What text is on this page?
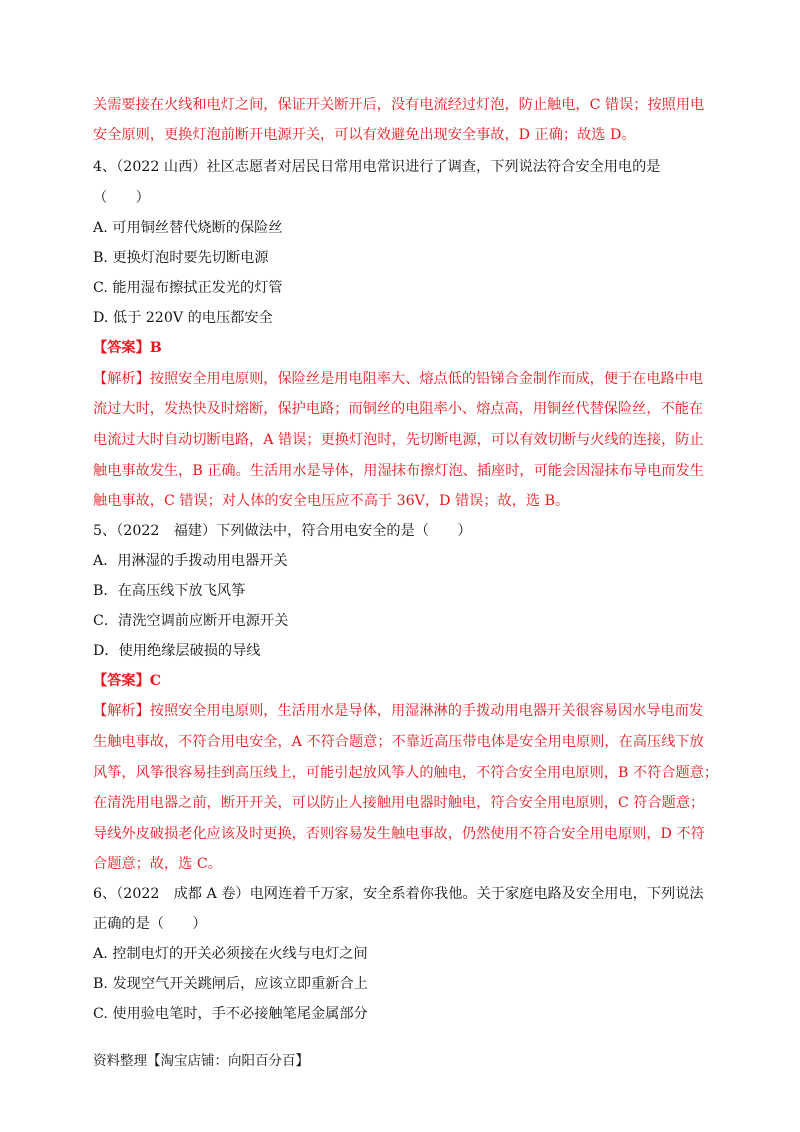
关需要接在火线和电灯之间，保证开关断开后，没有电流经过灯泡，防止触电，C 错误；按照用电
安全原则，更换灯泡前断开电源开关，可以有效避免出现安全事故，D 正确；故选 D。
4、（2022 山西）社区志愿者对居民日常用电常识进行了调查，下列说法符合安全用电的是
（　　）
A. 可用铜丝替代烧断的保险丝
B. 更换灯泡时要先切断电源
C. 能用湿布擦拭正发光的灯管
D. 低于 220V 的电压都安全
【答案】B
【解析】按照安全用电原则，保险丝是用电阻率大、熔点低的铅锑合金制作而成，便于在电路中电
流过大时，发热快及时熔断，保护电路；而铜丝的电阻率小、熔点高，用铜丝代替保险丝，不能在
电流过大时自动切断电路，A 错误；更换灯泡时，先切断电源，可以有效切断与火线的连接，防止
触电事故发生，B 正确。生活用水是导体，用湿抹布擦灯泡、插座时，可能会因湿抹布导电而发生
触电事故，C 错误；对人体的安全电压应不高于 36V，D 错误；故，选 B。
5、（2022　福建）下列做法中，符合用电安全的是（　　）
A．用淋湿的手拨动用电器开关
B．在高压线下放飞风筝
C．清洗空调前应断开电源开关
D．使用绝缘层破损的导线
【答案】C
【解析】按照安全用电原则，生活用水是导体，用湿淋淋的手拨动用电器开关很容易因水导电而发
生触电事故，不符合用电安全，A 不符合题意；不靠近高压带电体是安全用电原则，在高压线下放
风筝，风筝很容易挂到高压线上，可能引起放风筝人的触电，不符合安全用电原则，B 不符合题意；
在清洗用电器之前，断开开关，可以防止人接触用电器时触电，符合安全用电原则，C 符合题意；
导线外皮破损老化应该及时更换，否则容易发生触电事故，仍然使用不符合安全用电原则，D 不符
合题意；故，选 C。
6、（2022　成都 A 卷）电网连着千万家，安全系着你我他。关于家庭电路及安全用电，下列说法
正确的是（　　）
A. 控制电灯的开关必须接在火线与电灯之间
B. 发现空气开关跳闸后，应该立即重新合上
C. 使用验电笔时，手不必接触笔尾金属部分
资料整理【淘宝店铺：向阳百分百】
